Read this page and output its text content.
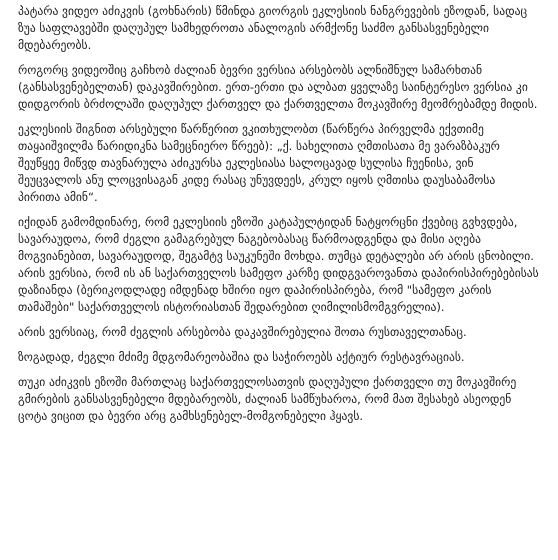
პატარა ვიდეო აძიკვის (გოხნარის) წმინდა გიორგის ეკლესიის ნანგრევების ეზოდან, სადაც ზუა საფლავებში დაღუპულ სამხედროთა ანალოგის არმქონე საძმო განსასვენებელი მდებარეობს.

როგორც ვიდეოშიც გაჩხობ ძალიან ბევრი ვერსია არსებობს ალნიშნულ სამარხთან (განსასვენებელთან) დაკავშირებით. ერთ-ერთი და ალბათ ყველაზე საინტერესო ვერსია კი დიდგორის ბრძოლაში დაღუპულ ქართველ და ქართველთა მოკავშირე მეომრებამდე მიდის.

ეკლესიის შიგნით არსებული წარწერით ვკითხულობთ (წარწერა პირველმა ექვთიმე თაყაიშვილმა წარიდიკნა სამეცნიერო წრეებ): „ქ. სახელითა ღმთისათა მე ვარაზბაკურ შეუწყეე მიწვდ თავნარულა აძიკურსა ეკლესიასა სალოცავად სულისა ჩუენისა, ვინ შეუცვალოს ანუ ლოცვისაგან კიდე რასაც უნუვდეეს, კრულ იყოს ღმთისა დაუსაბამოსა პირითა ამინ“.

იქიდან გამომდინარე, რომ ეკლესიის ეზოში კატაპულტიდან ნატყორცნი ქვებიც გვხვდება, სავარაუდოა, რომ ძეგლი გამაგრებულ ნაგებობასაც წარმოადგენდა და მისი აღება მოგვიანებით, სავარაუდოდ, შეგამტვ საუკუნეში მოხდა. თუმცა დეტალები არ არის ცნობილი. არის ვერსია, რომ ის ან საქართველოს სამეფო კარზე დიდგვაროვანთა დაპირისპირებებისას დაზიანდა (ბერიკოდლადე იმდენად ხშირი იყო დაპირისპირება, რომ "სამეფო კარის თამაშები" საქართველოს ისტორიასთან შედარებით ღიმილისმომგვრელია).

არის ვერსიაც, რომ ძეგლის არსებობა დაკავშირებულია შოთა რუსთაველთანაც.

ზოგადად, ძეგლი მძიმე მდგომარეობაშია და საჭიროებს აქტიურ რესტავრაციას.

თუკი აძიკვის ეზოში მართლაც საქართველოსათვის დაღუპული ქართველი თუ მოკავშირე გმირების განსასვენებელი მდებარეობს, ძალიან სამწუხაროა, რომ მათ შესახებ ასეოდენ ცოტა ვიცით და ბევრი არც გამხსენებელ-მომგონებელი ჰყავს.
